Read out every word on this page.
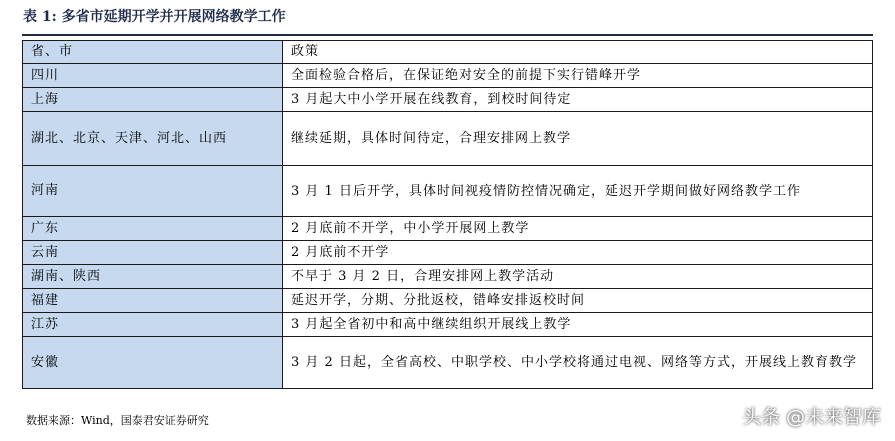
表 1: 多省市延期开学并开展网络教学工作
省、市	政策
四川	全面检验合格后，在保证绝对安全的前提下实行错峰开学
上海	3 月起大中小学开展在线教育，到校时间待定
湖北、北京、天津、河北、山西	继续延期，具体时间待定，合理安排网上教学
河南	3 月 1 日后开学，具体时间视疫情防控情况确定，延迟开学期间做好网络教学工作
广东	2 月底前不开学，中小学开展网上教学
云南	2 月底前不开学
湖南、陕西	不早于 3 月 2 日，合理安排网上教学活动
福建	延迟开学，分期、分批返校，错峰安排返校时间
江苏	3 月起全省初中和高中继续组织开展线上教学
安徽	3 月 2 日起，全省高校、中职学校、中小学校将通过电视、网络等方式，开展线上教育教学
数据来源：Wind，国泰君安证券研究	头条 @未来智库
